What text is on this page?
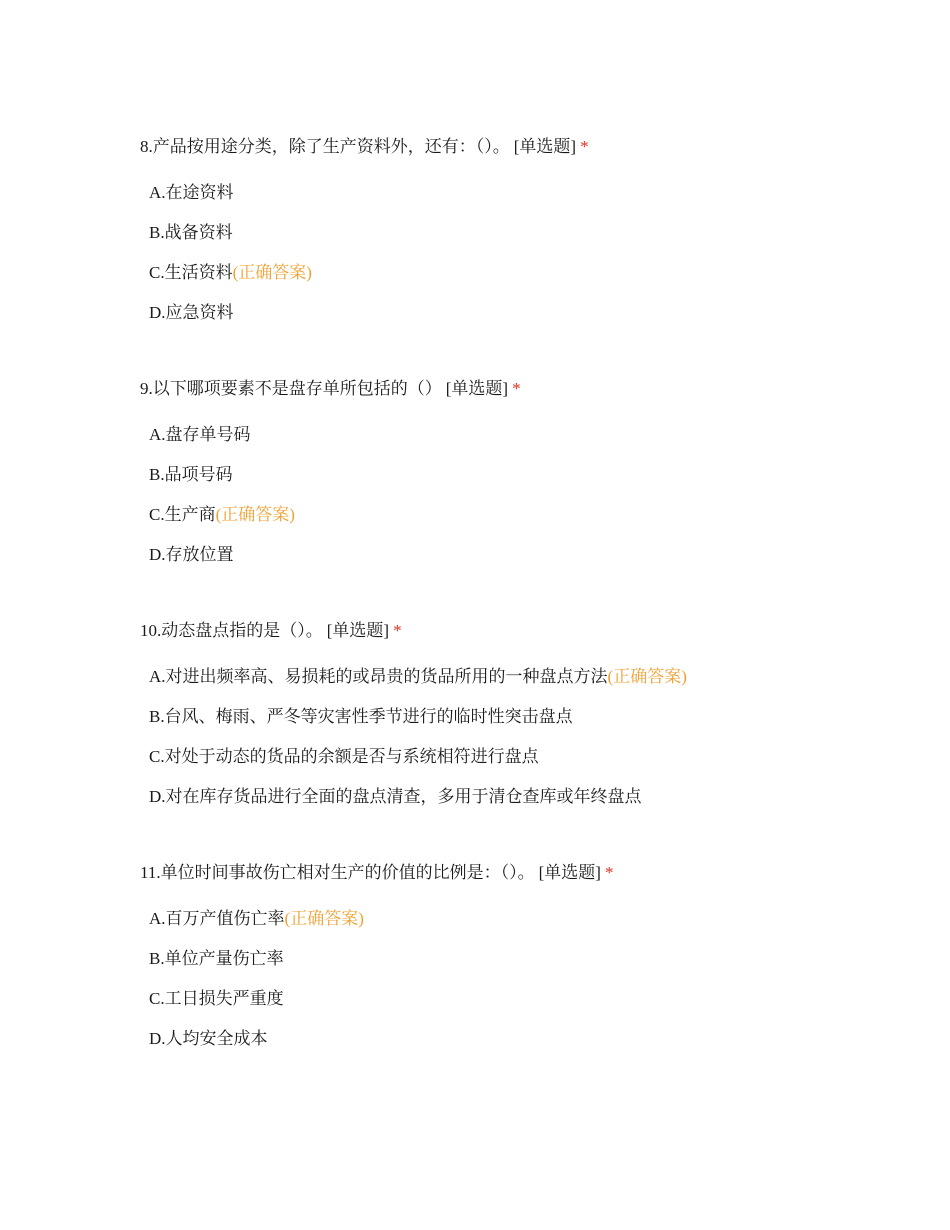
8.产品按用途分类，除了生产资料外，还有：（）。 [单选题] *
A.在途资料
B.战备资料
C.生活资料(正确答案)
D.应急资料
9.以下哪项要素不是盘存单所包括的（） [单选题] *
A.盘存单号码
B.品项号码
C.生产商(正确答案)
D.存放位置
10.动态盘点指的是（）。 [单选题] *
A.对进出频率高、易损耗的或昂贵的货品所用的一种盘点方法(正确答案)
B.台风、梅雨、严冬等灾害性季节进行的临时性突击盘点
C.对处于动态的货品的余额是否与系统相符进行盘点
D.对在库存货品进行全面的盘点清查，多用于清仓查库或年终盘点
11.单位时间事故伤亡相对生产的价值的比例是：（）。 [单选题] *
A.百万产值伤亡率(正确答案)
B.单位产量伤亡率
C.工日损失严重度
D.人均安全成本
